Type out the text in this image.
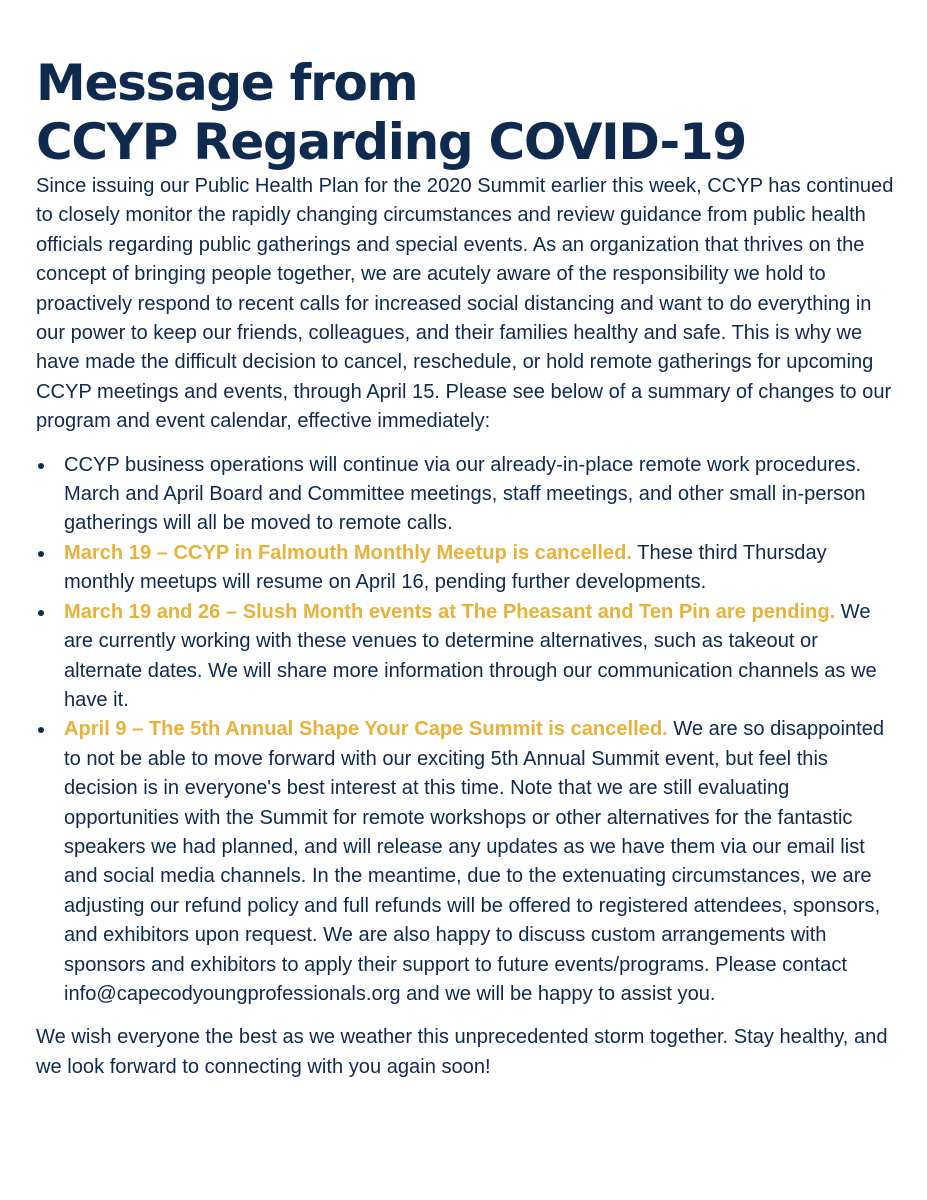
Message from
CCYP Regarding COVID-19

Since issuing our Public Health Plan for the 2020 Summit earlier this week, CCYP has continued to closely monitor the rapidly changing circumstances and review guidance from public health officials regarding public gatherings and special events. As an organization that thrives on the concept of bringing people together, we are acutely aware of the responsibility we hold to proactively respond to recent calls for increased social distancing and want to do everything in our power to keep our friends, colleagues, and their families healthy and safe. This is why we have made the difficult decision to cancel, reschedule, or hold remote gatherings for upcoming CCYP meetings and events, through April 15. Please see below of a summary of changes to our program and event calendar, effective immediately:

CCYP business operations will continue via our already-in-place remote work procedures. March and April Board and Committee meetings, staff meetings, and other small in-person gatherings will all be moved to remote calls.
March 19 – CCYP in Falmouth Monthly Meetup is cancelled. These third Thursday monthly meetups will resume on April 16, pending further developments.
March 19 and 26 – Slush Month events at The Pheasant and Ten Pin are pending. We are currently working with these venues to determine alternatives, such as takeout or alternate dates. We will share more information through our communication channels as we have it.
April 9 – The 5th Annual Shape Your Cape Summit is cancelled. We are so disappointed to not be able to move forward with our exciting 5th Annual Summit event, but feel this decision is in everyone's best interest at this time. Note that we are still evaluating opportunities with the Summit for remote workshops or other alternatives for the fantastic speakers we had planned, and will release any updates as we have them via our email list and social media channels. In the meantime, due to the extenuating circumstances, we are adjusting our refund policy and full refunds will be offered to registered attendees, sponsors, and exhibitors upon request. We are also happy to discuss custom arrangements with sponsors and exhibitors to apply their support to future events/programs. Please contact info@capecodyoungprofessionals.org and we will be happy to assist you.

We wish everyone the best as we weather this unprecedented storm together. Stay healthy, and we look forward to connecting with you again soon!
